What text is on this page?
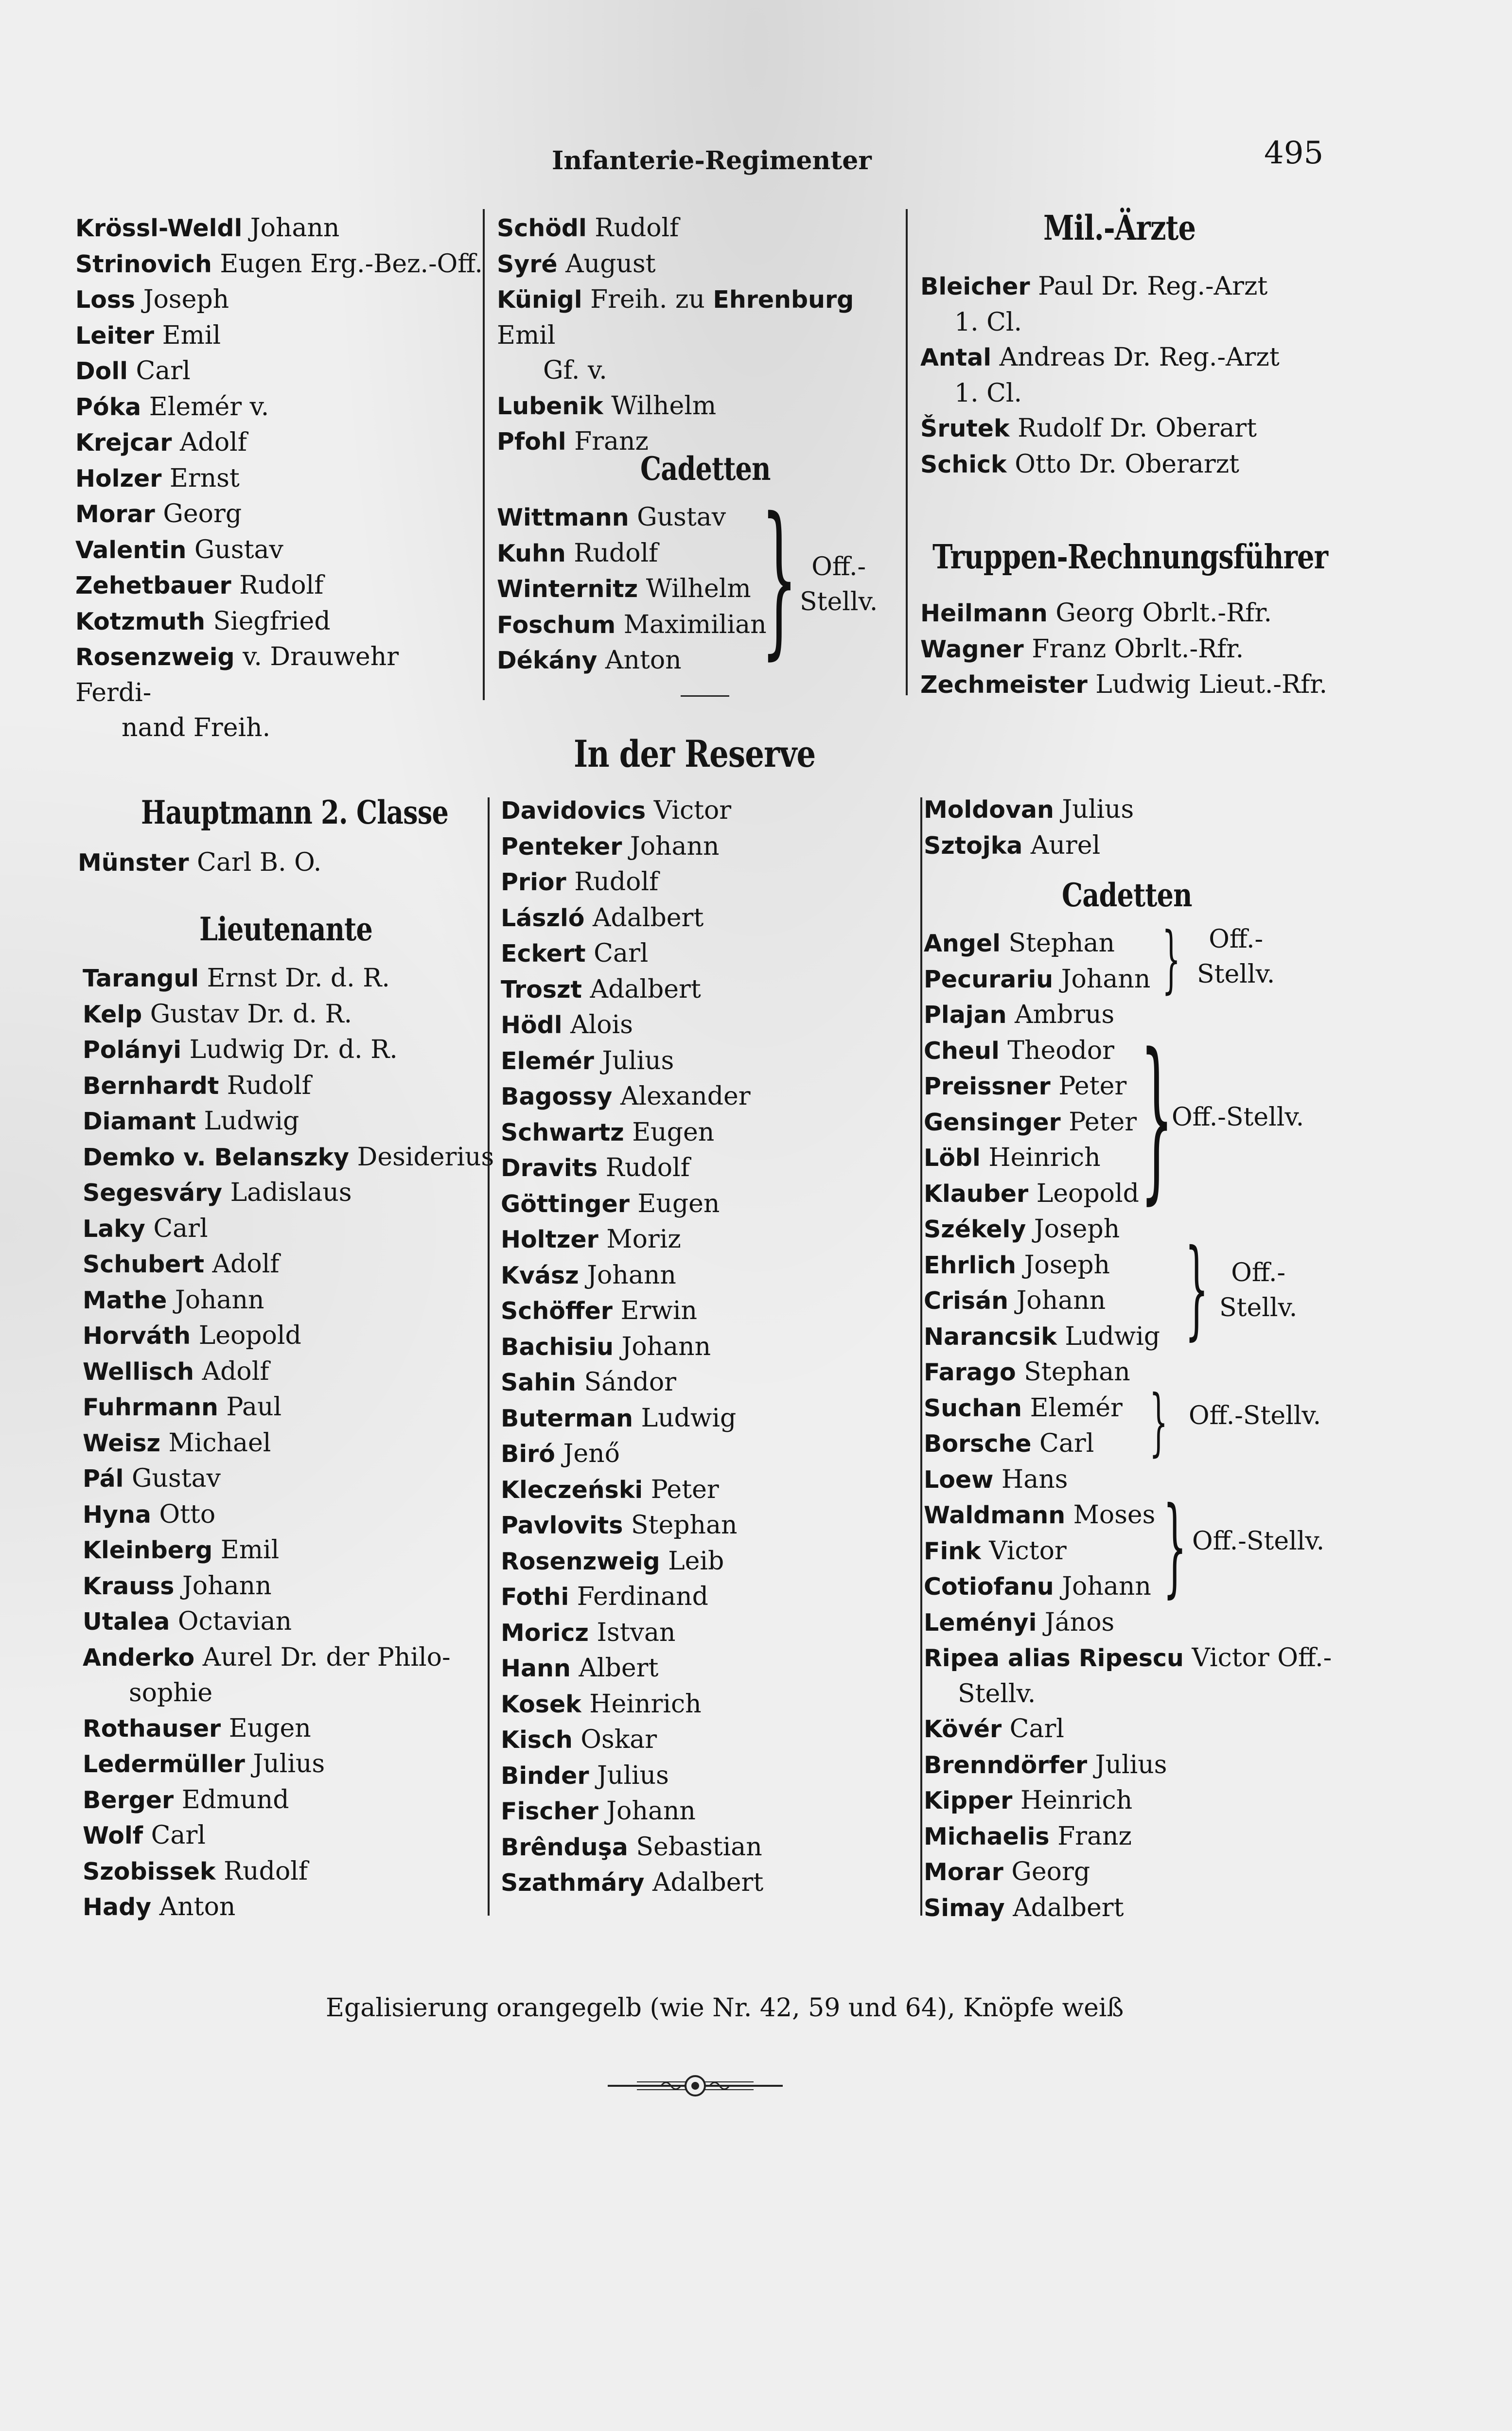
Infanterie-Regimenter	495
Krössl-Weldl Johann
Strinovich Eugen Erg.-Bez.-Off.
Loss Joseph
Leiter Emil
Doll Carl
Póka Elemér v.
Krejcar Adolf
Holzer Ernst
Morar Georg
Valentin Gustav
Zehetbauer Rudolf
Kotzmuth Siegfried
Rosenzweig v. Drauwehr Ferdi-
nand Freih.
Hauptmann 2. Classe
Münster Carl B. O.
Lieutenante
Tarangul Ernst Dr. d. R.
Kelp Gustav Dr. d. R.
Polányi Ludwig Dr. d. R.
Bernhardt Rudolf
Diamant Ludwig
Demko v. Belanszky Desiderius
Segesváry Ladislaus
Laky Carl
Schubert Adolf
Mathe Johann
Horváth Leopold
Wellisch Adolf
Fuhrmann Paul
Weisz Michael
Pál Gustav
Hyna Otto
Kleinberg Emil
Krauss Johann
Utalea Octavian
Anderko Aurel Dr. der Philo-
sophie
Rothauser Eugen
Ledermüller Julius
Berger Edmund
Wolf Carl
Szobissek Rudolf
Hady Anton
Schödl Rudolf
Syré August
Künigl Freih. zu Ehrenburg Emil
Gf. v.
Lubenik Wilhelm
Pfohl Franz
Cadetten
Wittmann Gustav
Kuhn Rudolf
Winternitz Wilhelm
Foschum Maximilian
Dékány Anton } Off.-
Stellv.
In der Reserve
Davidovics Victor
Penteker Johann
Prior Rudolf
László Adalbert
Eckert Carl
Troszt Adalbert
Hödl Alois
Elemér Julius
Bagossy Alexander
Schwartz Eugen
Dravits Rudolf
Göttinger Eugen
Holtzer Moriz
Kvász Johann
Schöffer Erwin
Bachisiu Johann
Sahin Sándor
Buterman Ludwig
Biró Jenő
Kleczeński Peter
Pavlovits Stephan
Rosenzweig Leib
Fothi Ferdinand
Moricz Istvan
Hann Albert
Kosek Heinrich
Kisch Oskar
Binder Julius
Fischer Johann
Brênduşa Sebastian
Szathmáry Adalbert
Mil.-Ärzte
Bleicher Paul Dr. Reg.-Arzt
1. Cl.
Antal Andreas Dr. Reg.-Arzt
1. Cl.
Šrutek Rudolf Dr. Oberart
Schick Otto Dr. Oberarzt
Truppen-Rechnungsführer
Heilmann Georg Obrlt.-Rfr.
Wagner Franz Obrlt.-Rfr.
Zechmeister Ludwig Lieut.-Rfr.
Moldovan Julius
Sztojka Aurel
Cadetten
Angel Stephan
Pecurariu Johann
Plajan Ambrus
Cheul Theodor
Preissner Peter
Gensinger Peter
Löbl Heinrich
Klauber Leopold
Székely Joseph
Ehrlich Joseph
Crisán Johann
Narancsik Ludwig
Farago Stephan
Suchan Elemér
Borsche Carl
Loew Hans
Waldmann Moses
Fink Victor
Cotiofanu Johann
Leményi János
Ripea alias Ripescu Victor Off.-
Stellv.
Kövér Carl
Brenndörfer Julius
Kipper Heinrich
Michaelis Franz
Morar Georg
Simay Adalbert
}	Off.-
Stellv.
}
Off.-Stellv.
} Off.-
Stellv.
} Off.-Stellv.
} Off.-Stellv.
Egalisierung orangegelb (wie Nr. 42, 59 und 64), Knöpfe weiß
